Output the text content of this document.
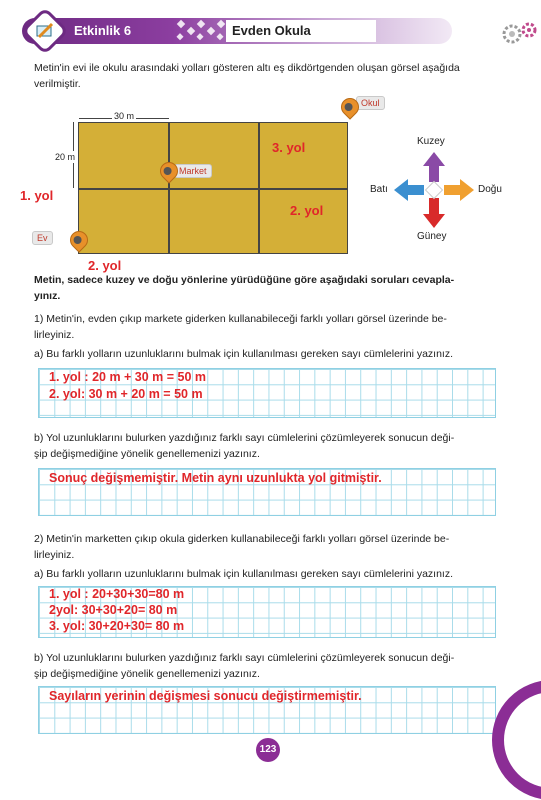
Etkinlik 6	Evden Okula
Metin'in evi ile okulu arasındaki yolları gösteren altı eş dikdörtgenden oluşan görsel aşağıda
verilmiştir.
30 m
20 m
1. yol
3. yol
2. yol
2. yol
Market
Okul
Ev
Kuzey
Güney
Batı	Doğu
Metin, sadece kuzey ve doğu yönlerine yürüdüğüne göre aşağıdaki soruları cevapla-
yınız.
1) Metin'in, evden çıkıp markete giderken kullanabileceği farklı yolları görsel üzerinde be-
lirleyiniz.
a) Bu farklı yolların uzunluklarını bulmak için kullanılması gereken sayı cümlelerini yazınız.
1. yol : 20 m + 30 m = 50 m
2. yol: 30 m + 20 m = 50 m
b) Yol uzunluklarını bulurken yazdığınız farklı sayı cümlelerini çözümleyerek sonucun deği-
şip değişmediğine yönelik genellemenizi yazınız.
Sonuç değişmemiştir. Metin aynı uzunlukta yol gitmiştir.
2) Metin'in marketten çıkıp okula giderken kullanabileceği farklı yolları görsel üzerinde be-
lirleyiniz.
a) Bu farklı yolların uzunluklarını bulmak için kullanılması gereken sayı cümlelerini yazınız.
1. yol : 20+30+30=80 m
2yol: 30+30+20= 80 m
3. yol: 30+20+30= 80 m
b) Yol uzunluklarını bulurken yazdığınız farklı sayı cümlelerini çözümleyerek sonucun deği-
şip değişmediğine yönelik genellemenizi yazınız.
Sayıların yerinin değişmesi sonucu değiştirmemiştir.
123
